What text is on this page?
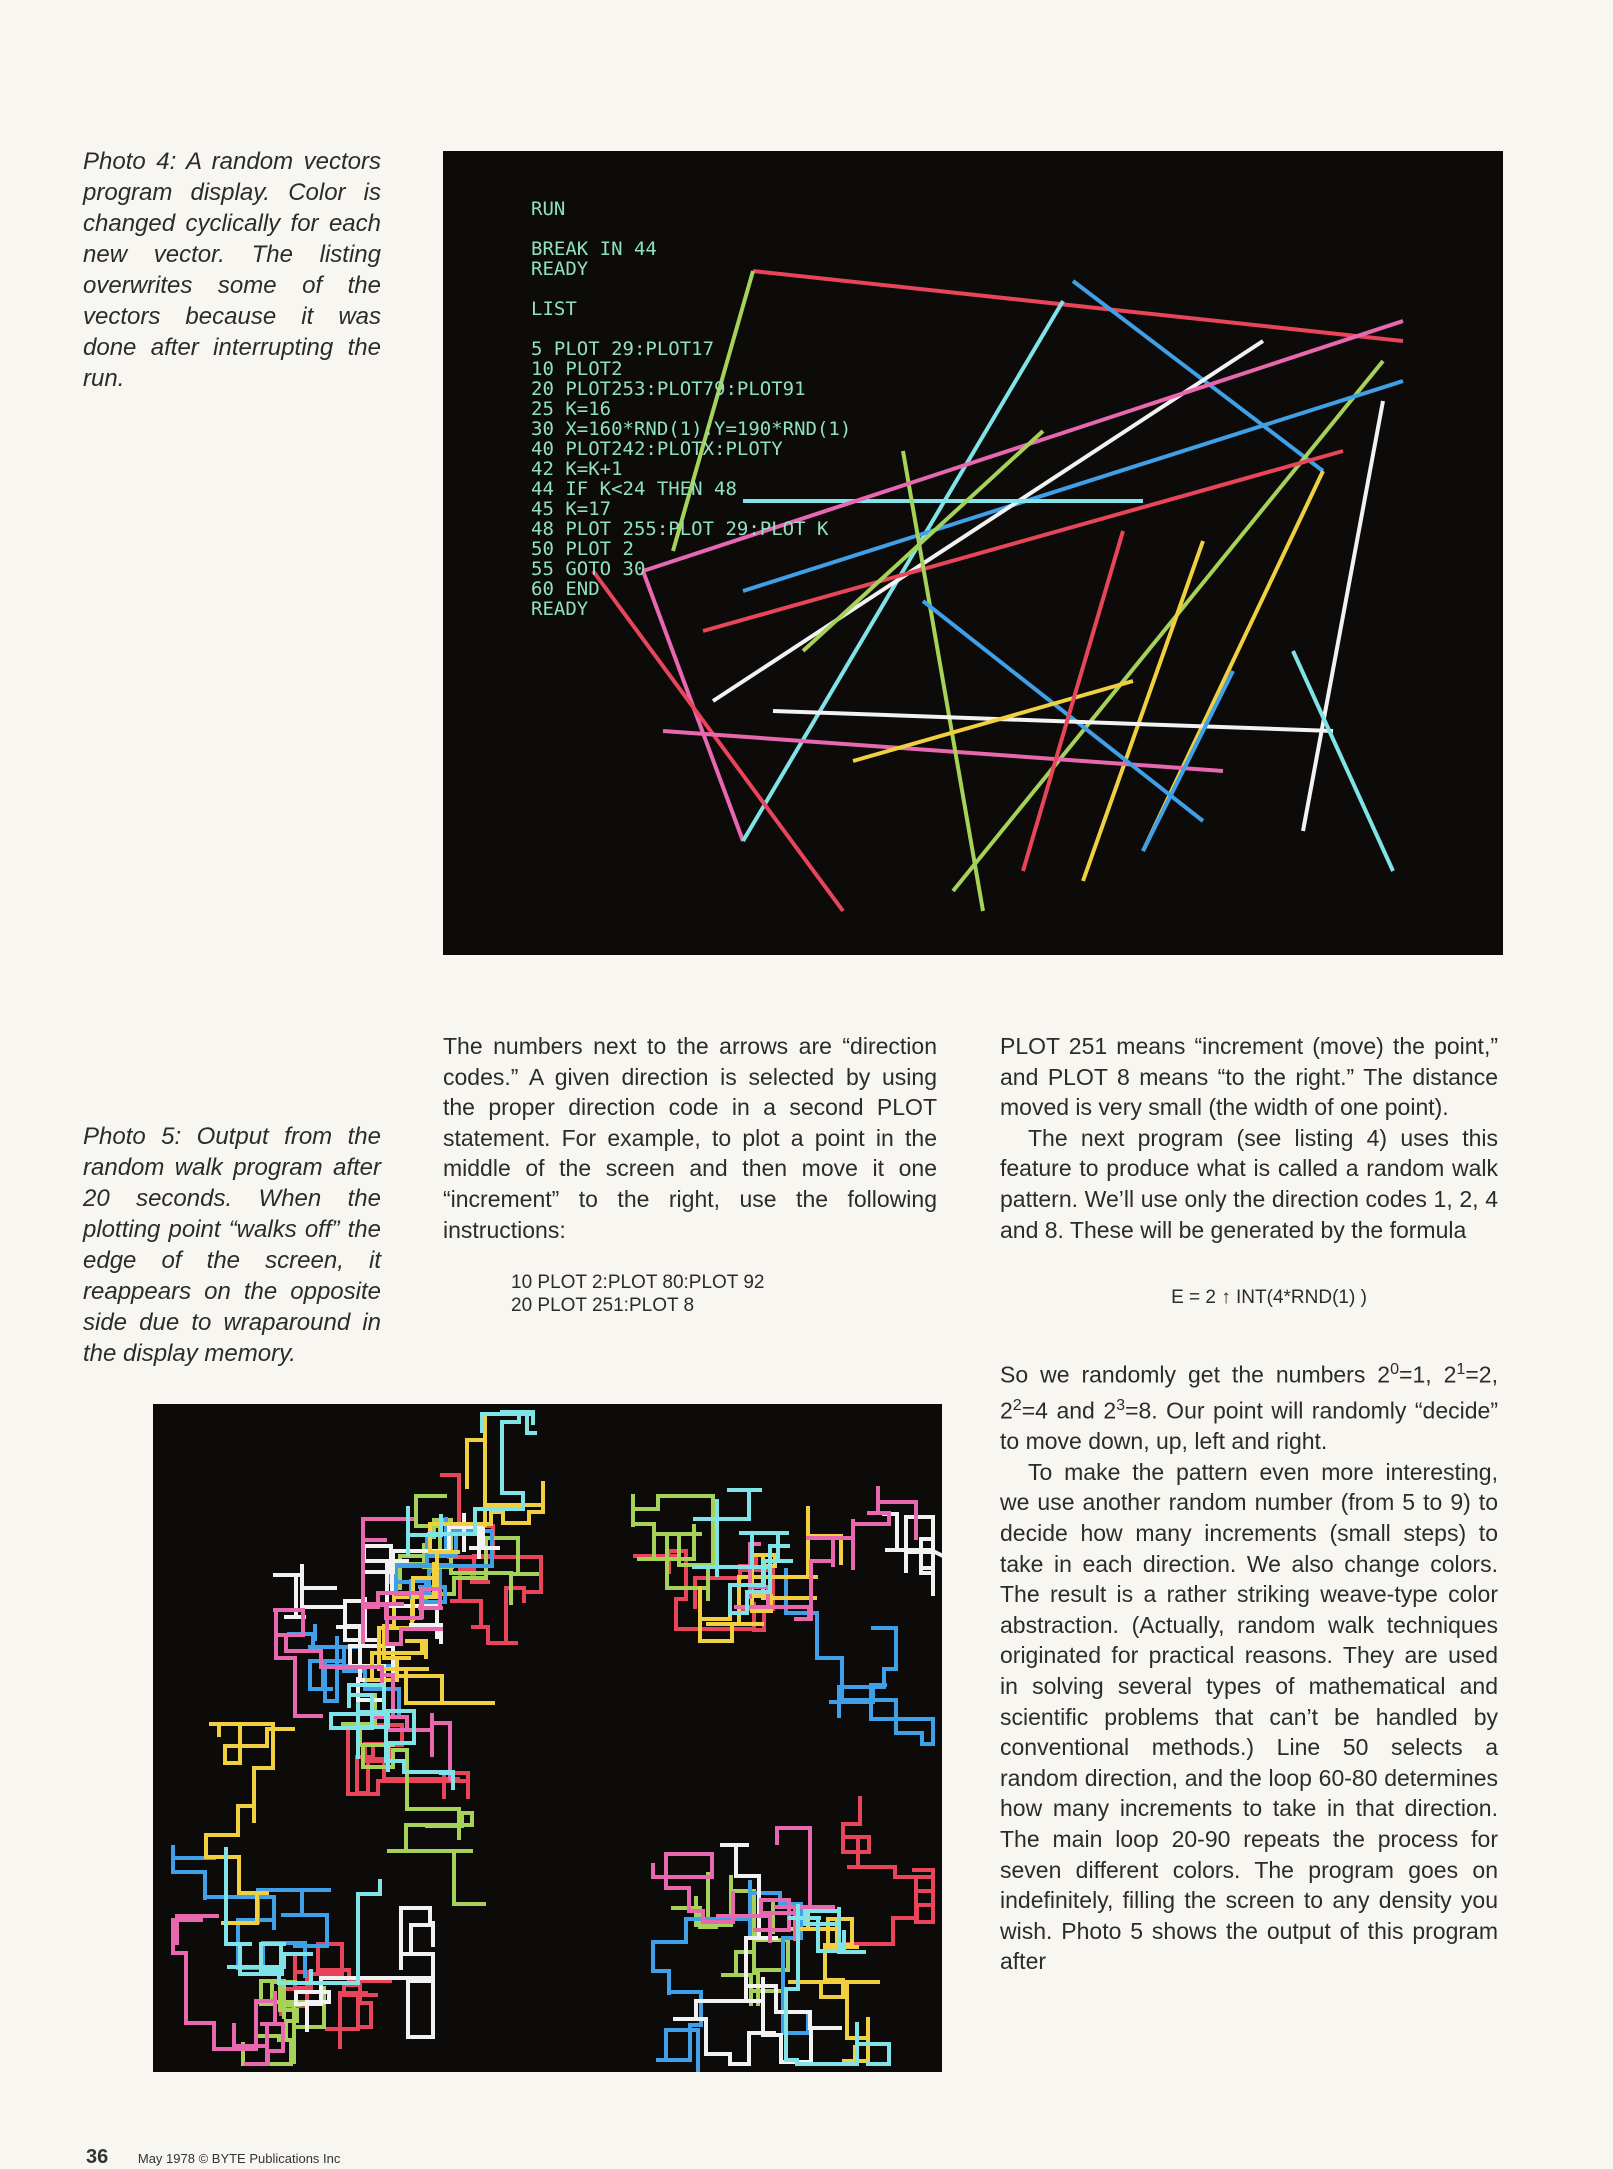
Photo 4: A random vectors program display. Color is changed cyclically for each new vector. The listing overwrites some of the vectors because it was done after interrupting the run.
RUN
BREAK IN 44
READY
LIST
5 PLOT 29:PLOT17
10 PLOT2
20 PLOT253:PLOT79:PLOT91
25 K=16
30 X=160*RND(1):Y=190*RND(1)
40 PLOT242:PLOTX:PLOTY
42 K=K+1
44 IF K<24 THEN 48
45 K=17
48 PLOT 255:PLOT 29:PLOT K
50 PLOT 2
55 GOTO 30
60 END
READY
Photo 5: Output from the random walk program after 20 seconds. When the plotting point “walks off” the edge of the screen, it reappears on the opposite side due to wraparound in the display memory.

The numbers next to the arrows are “direction codes.” A given direction is selected by using the proper direction code in a second PLOT statement. For example, to plot a point in the middle of the screen and then move it one “increment” to the right, use the following instructions:

10 PLOT 2:PLOT 80:PLOT 92
20 PLOT 251:PLOT 8

PLOT 251 means “increment (move) the point,” and PLOT 8 means “to the right.” The distance moved is very small (the width of one point).

The next program (see listing 4) uses this feature to produce what is called a random walk pattern. We’ll use only the direction codes 1, 2, 4 and 8. These will be generated by the formula

E = 2 ↑ INT(4*RND(1) )

So we randomly get the numbers $2^0=1$, $2^1=2$, $2^2=4$ and $2^3=8$. Our point will randomly “decide” to move down, up, left and right.

To make the pattern even more interesting, we use another random number (from 5 to 9) to decide how many increments (small steps) to take in each direction. We also change colors. The result is a rather striking weave-type color abstraction. (Actually, random walk techniques originated for practical reasons. They are used in solving several types of mathematical and scientific problems that can’t be handled by conventional methods.) Line 50 selects a random direction, and the loop 60-80 determines how many increments to take in that direction. The main loop 20-90 repeats the process for seven different colors. The program goes on indefinitely, filling the screen to any density you wish. Photo 5 shows the output of this program after

36 May 1978 © BYTE Publications Inc
